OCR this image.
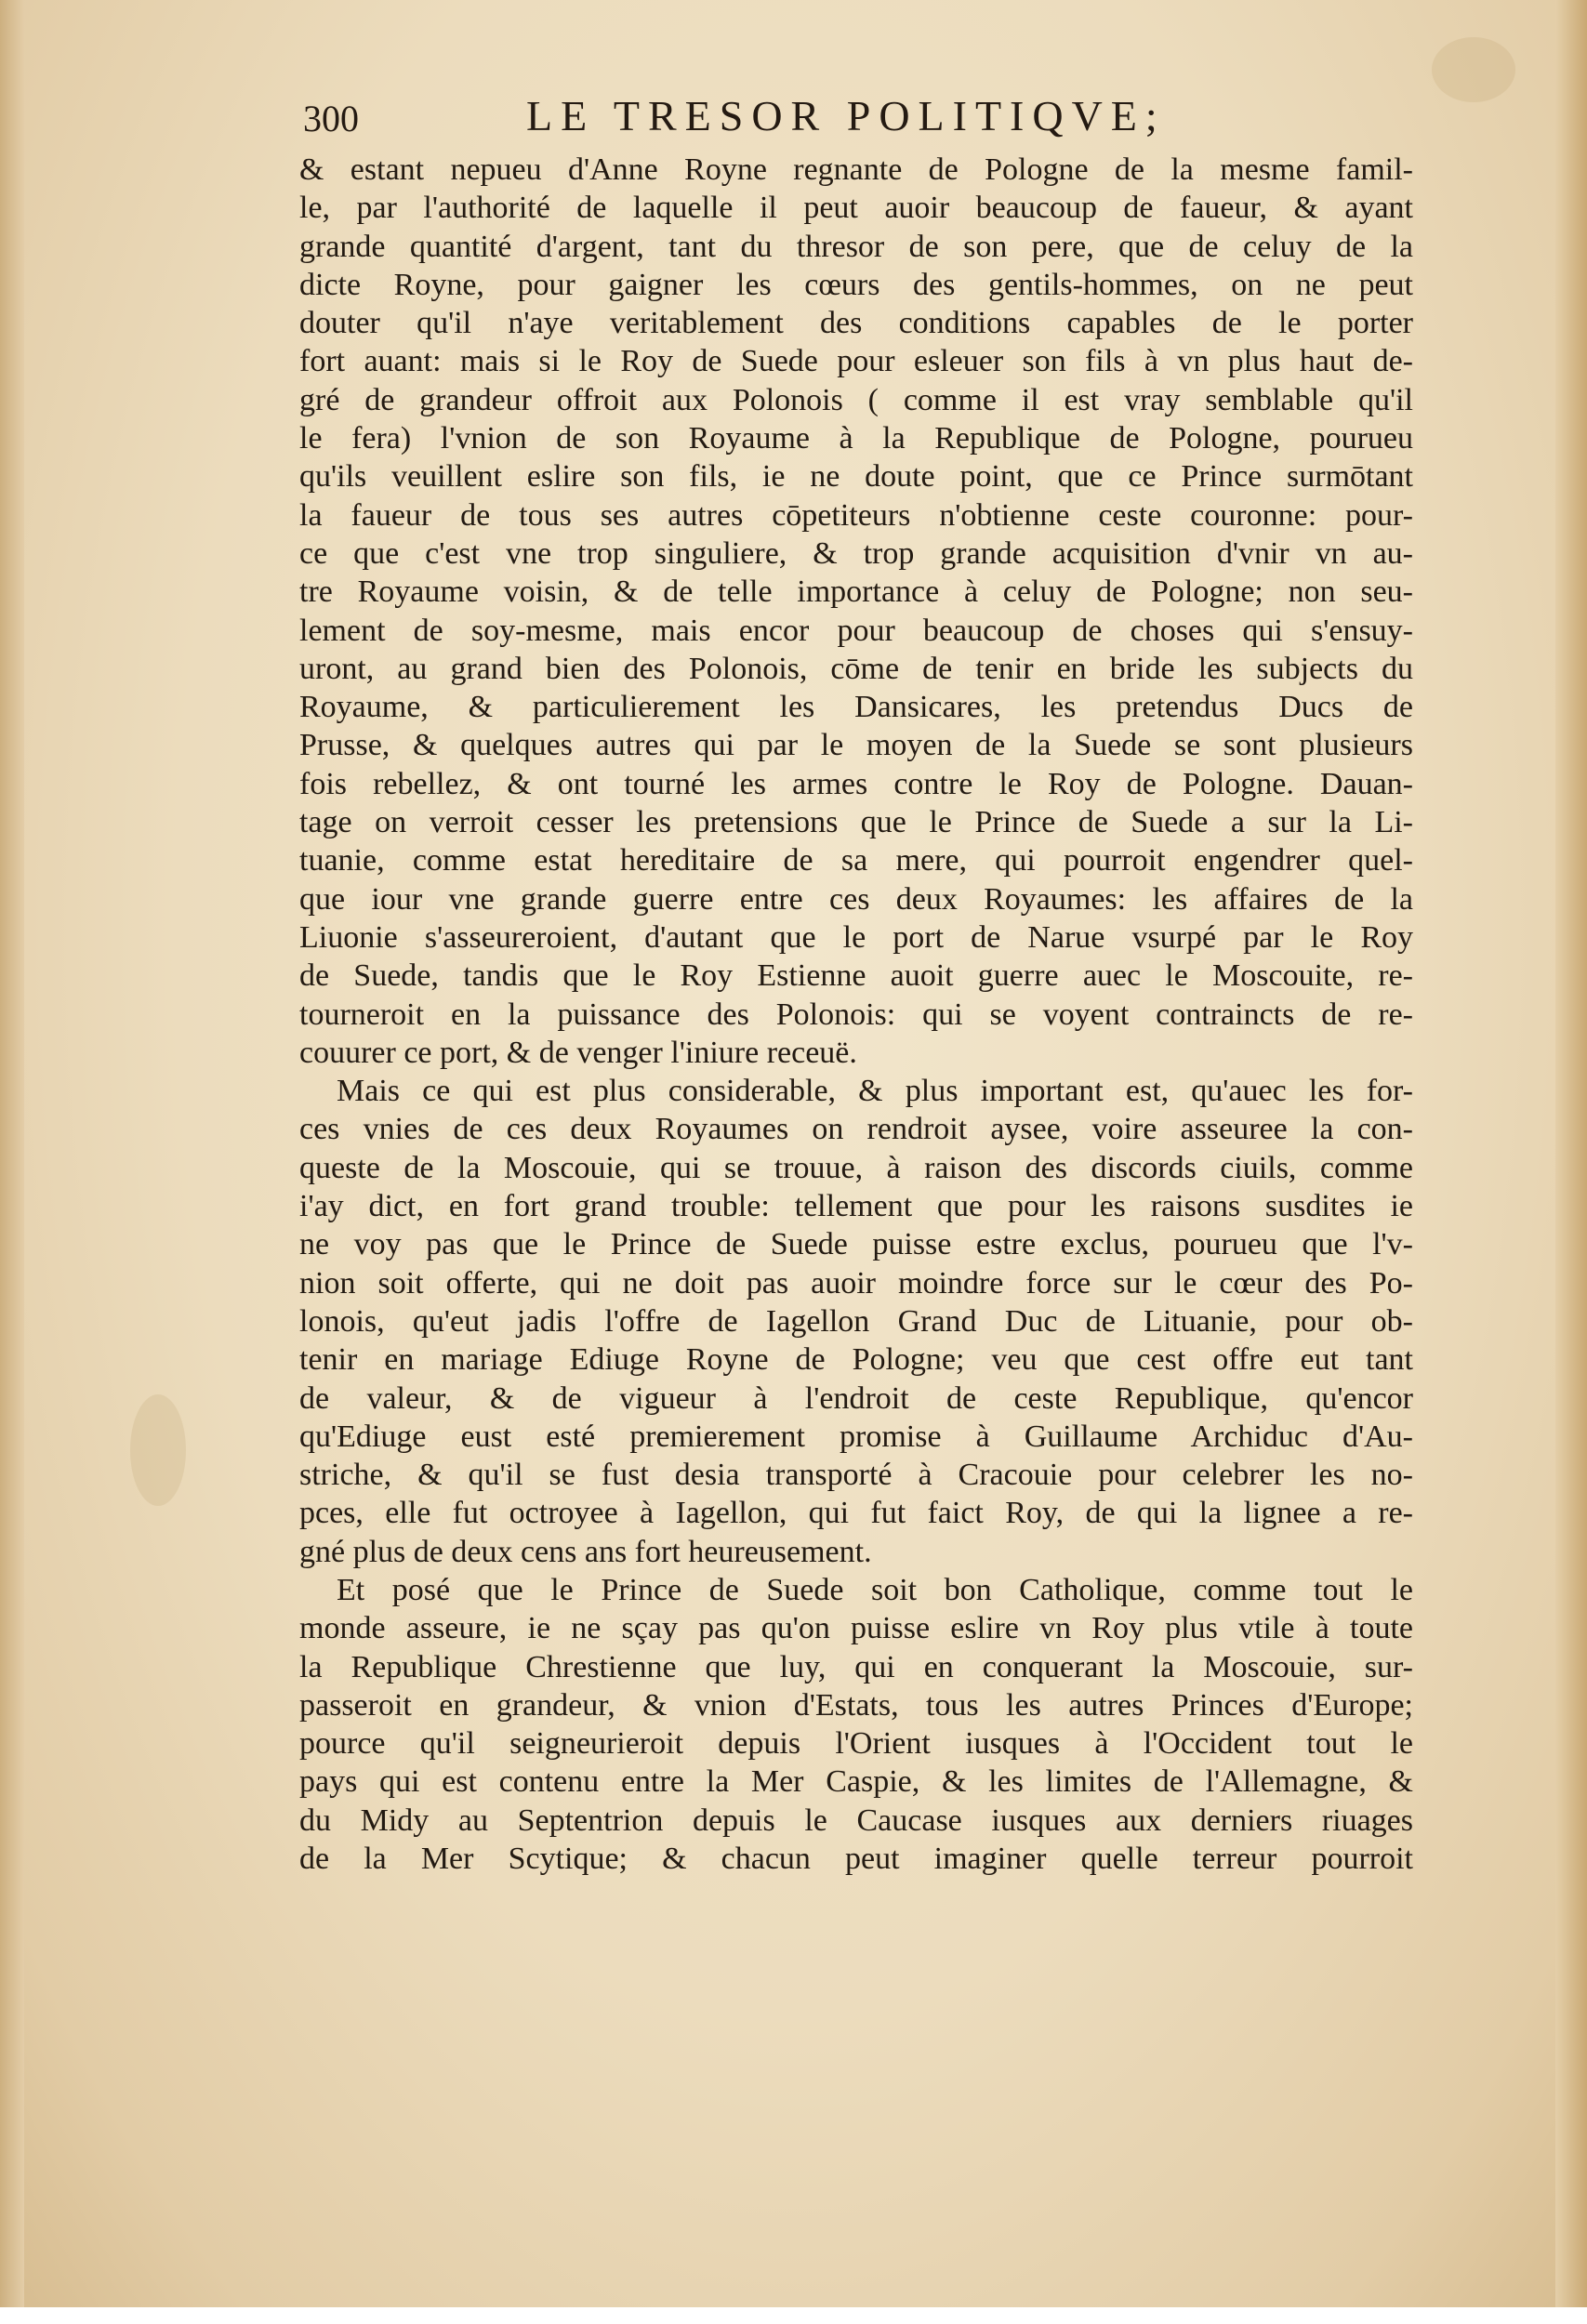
300	LE TRESOR POLITIQVE;
& estant nepueu d'Anne Royne regnante de Pologne de la mesme famil-
le, par l'authorité de laquelle il peut auoir beaucoup de faueur, & ayant
grande quantité d'argent, tant du thresor de son pere, que de celuy de la
dicte Royne, pour gaigner les cœurs des gentils-hommes, on ne peut
douter qu'il n'aye veritablement des conditions capables de le porter
fort auant: mais si le Roy de Suede pour esleuer son fils à vn plus haut de-
gré de grandeur offroit aux Polonois ( comme il est vray semblable qu'il
le fera) l'vnion de son Royaume à la Republique de Pologne, pourueu
qu'ils veuillent eslire son fils, ie ne doute point, que ce Prince surmōtant
la faueur de tous ses autres cōpetiteurs n'obtienne ceste couronne: pour-
ce que c'est vne trop singuliere, & trop grande acquisition d'vnir vn au-
tre Royaume voisin, & de telle importance à celuy de Pologne; non seu-
lement de soy-mesme, mais encor pour beaucoup de choses qui s'ensuy-
uront, au grand bien des Polonois, cōme de tenir en bride les subjects du
Royaume, & particulierement les Dansicares, les pretendus Ducs de
Prusse, & quelques autres qui par le moyen de la Suede se sont plusieurs
fois rebellez, & ont tourné les armes contre le Roy de Pologne. Dauan-
tage on verroit cesser les pretensions que le Prince de Suede a sur la Li-
tuanie, comme estat hereditaire de sa mere, qui pourroit engendrer quel-
que iour vne grande guerre entre ces deux Royaumes: les affaires de la
Liuonie s'asseureroient, d'autant que le port de Narue vsurpé par le Roy
de Suede, tandis que le Roy Estienne auoit guerre auec le Moscouite, re-
tourneroit en la puissance des Polonois: qui se voyent contraincts de re-
couurer ce port, & de venger l'iniure receuë.
Mais ce qui est plus considerable, & plus important est, qu'auec les for-
ces vnies de ces deux Royaumes on rendroit aysee, voire asseuree la con-
queste de la Moscouie, qui se trouue, à raison des discords ciuils, comme
i'ay dict, en fort grand trouble: tellement que pour les raisons susdites ie
ne voy pas que le Prince de Suede puisse estre exclus, pourueu que l'v-
nion soit offerte, qui ne doit pas auoir moindre force sur le cœur des Po-
lonois, qu'eut jadis l'offre de Iagellon Grand Duc de Lituanie, pour ob-
tenir en mariage Ediuge Royne de Pologne; veu que cest offre eut tant
de valeur, & de vigueur à l'endroit de ceste Republique, qu'encor
qu'Ediuge eust esté premierement promise à Guillaume Archiduc d'Au-
striche, & qu'il se fust desia transporté à Cracouie pour celebrer les no-
pces, elle fut octroyee à Iagellon, qui fut faict Roy, de qui la lignee a re-
gné plus de deux cens ans fort heureusement.
Et posé que le Prince de Suede soit bon Catholique, comme tout le
monde asseure, ie ne sçay pas qu'on puisse eslire vn Roy plus vtile à toute
la Republique Chrestienne que luy, qui en conquerant la Moscouie, sur-
passeroit en grandeur, & vnion d'Estats, tous les autres Princes d'Europe;
pource qu'il seigneurieroit depuis l'Orient iusques à l'Occident tout le
pays qui est contenu entre la Mer Caspie, & les limites de l'Allemagne, &
du Midy au Septentrion depuis le Caucase iusques aux derniers riuages
de la Mer Scytique; & chacun peut imaginer quelle terreur pourroit
